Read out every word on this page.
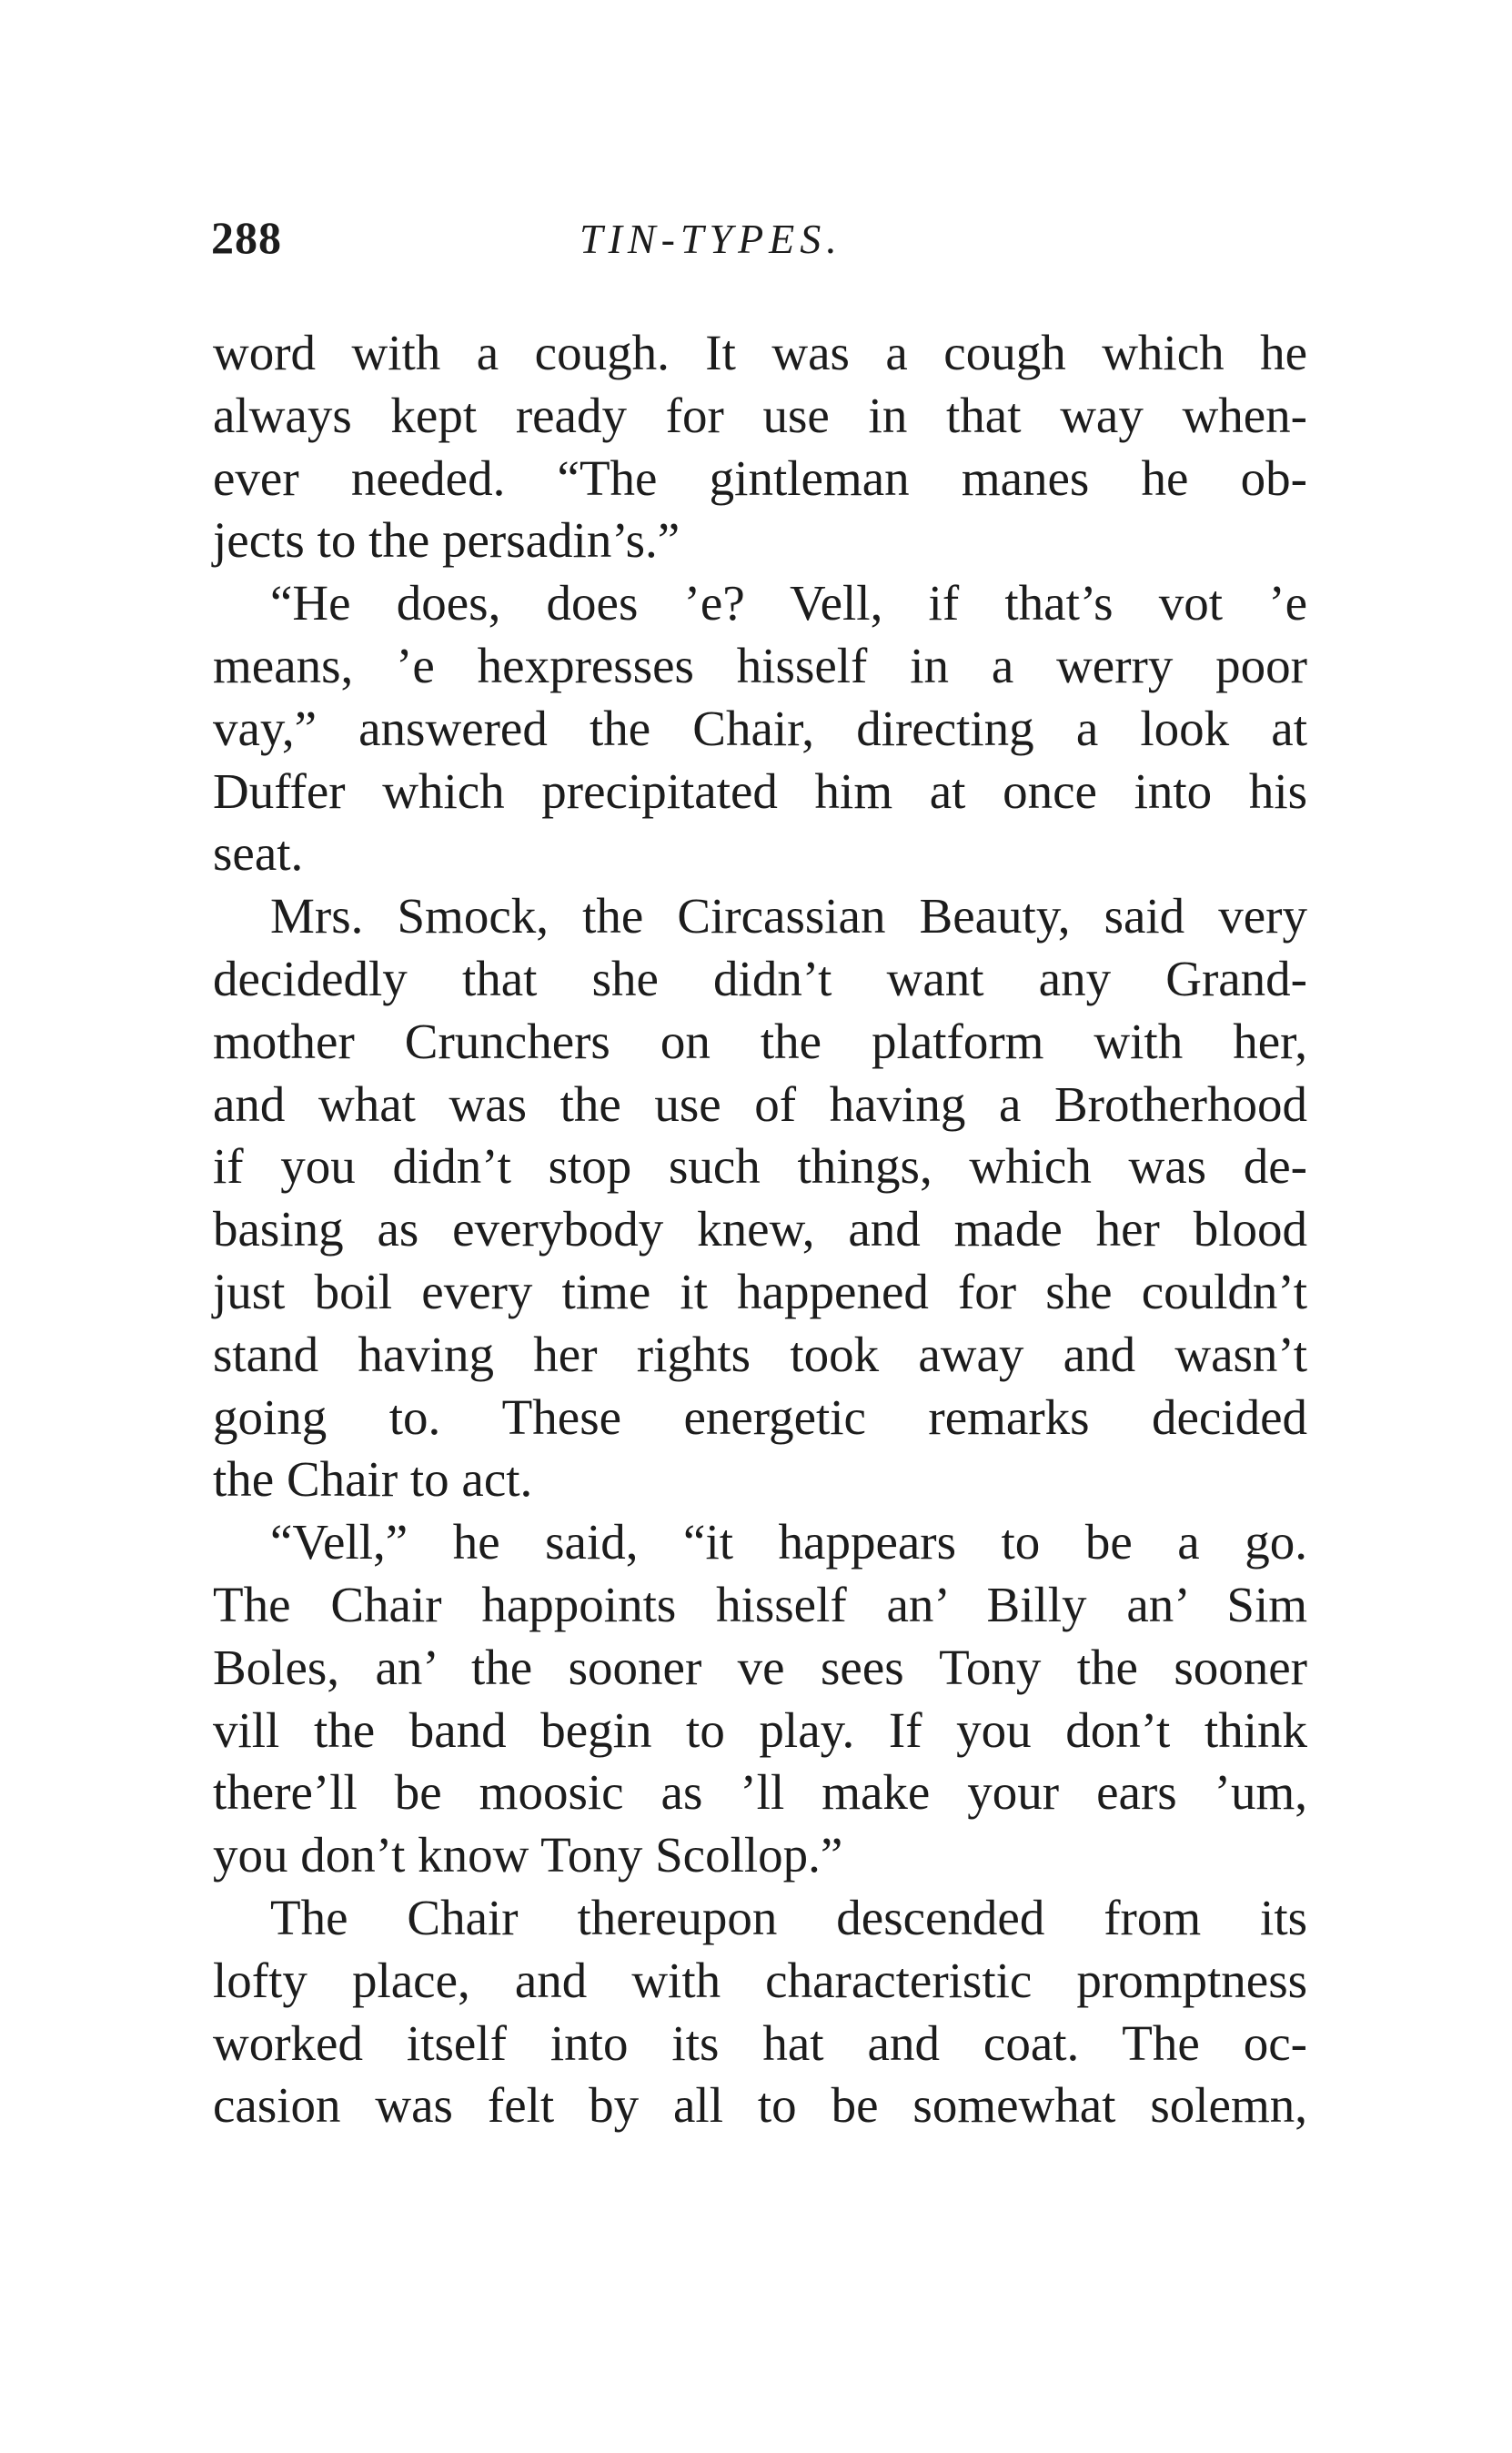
288	TIN-TYPES.
word with a cough. It was a cough which he
always kept ready for use in that way when-
ever needed. “The gintleman manes he ob-
jects to the persadin’s.”
“He does, does ’e? Vell, if that’s vot ’e
means, ’e hexpresses hisself in a werry poor
vay,” answered the Chair, directing a look at
Duffer which precipitated him at once into his
seat.
Mrs. Smock, the Circassian Beauty, said very
decidedly that she didn’t want any Grand-
mother Crunchers on the platform with her,
and what was the use of having a Brotherhood
if you didn’t stop such things, which was de-
basing as everybody knew, and made her blood
just boil every time it happened for she couldn’t
stand having her rights took away and wasn’t
going to. These energetic remarks decided
the Chair to act.
“Vell,” he said, “it happears to be a go.
The Chair happoints hisself an’ Billy an’ Sim
Boles, an’ the sooner ve sees Tony the sooner
vill the band begin to play. If you don’t think
there’ll be moosic as ’ll make your ears ’um,
you don’t know Tony Scollop.”
The Chair thereupon descended from its
lofty place, and with characteristic promptness
worked itself into its hat and coat. The oc-
casion was felt by all to be somewhat solemn,
